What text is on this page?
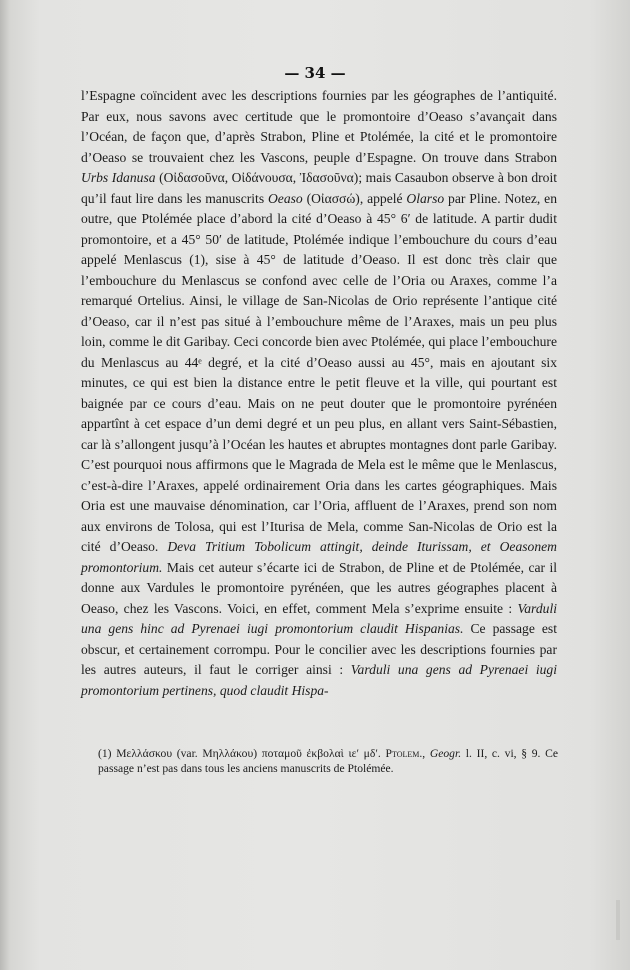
— 34 —

l’Espagne coïncident avec les descriptions fournies par les géographes de l’antiquité. Par eux, nous savons avec certitude que le promontoire d’Oeaso s’avançait dans l’Océan, de façon que, d’après Strabon, Pline et Ptolémée, la cité et le promontoire d’Oeaso se trouvaient chez les Vascons, peuple d’Espagne. On trouve dans Strabon Urbs Idanusa (Οἰδασοῦνα, Οἰδάνουσα, Ἰδασοῦνα); mais Casaubon observe à bon droit qu’il faut lire dans les manuscrits Oeaso (Οἰασσώ), appelé Olarso par Pline. Notez, en outre, que Ptolémée place d’abord la cité d’Oeaso à 45° 6′ de latitude. A partir dudit promontoire, et a 45° 50′ de latitude, Ptolémée indique l’embouchure du cours d’eau appelé Menlascus (1), sise à 45° de latitude d’Oeaso. Il est donc très clair que l’embouchure du Menlascus se confond avec celle de l’Oria ou Araxes, comme l’a remarqué Ortelius. Ainsi, le village de San-Nicolas de Orio représente l’antique cité d’Oeaso, car il n’est pas situé à l’embouchure même de l’Araxes, mais un peu plus loin, comme le dit Garibay. Ceci concorde bien avec Ptolémée, qui place l’embouchure du Menlascus au 44ᵉ degré, et la cité d’Oeaso aussi au 45°, mais en ajoutant six minutes, ce qui est bien la distance entre le petit fleuve et la ville, qui pourtant est baignée par ce cours d’eau. Mais on ne peut douter que le promontoire pyrénéen appartînt à cet espace d’un demi degré et un peu plus, en allant vers Saint-Sébastien, car là s’allongent jusqu’à l’Océan les hautes et abruptes montagnes dont parle Garibay. C’est pourquoi nous affirmons que le Magrada de Mela est le même que le Menlascus, c’est-à-dire l’Araxes, appelé ordinairement Oria dans les cartes géographiques. Mais Oria est une mauvaise dénomination, car l’Oria, affluent de l’Araxes, prend son nom aux environs de Tolosa, qui est l’Iturisa de Mela, comme San-Nicolas de Orio est la cité d’Oeaso. Deva Tritium Tobolicum attingit, deinde Iturissam, et Oeasonem promontorium. Mais cet auteur s’écarte ici de Strabon, de Pline et de Ptolémée, car il donne aux Vardules le promontoire pyrénéen, que les autres géographes placent à Oeaso, chez les Vascons. Voici, en effet, comment Mela s’exprime ensuite : Varduli una gens hinc ad Pyrenaei iugi promontorium claudit Hispanias. Ce passage est obscur, et certainement corrompu. Pour le concilier avec les descriptions fournies par les autres auteurs, il faut le corriger ainsi : Varduli una gens ad Pyrenaei iugi promontorium pertinens, quod claudit Hispa-

(1) Μελλάσκου (var. Μηλλάκου) ποταμοῦ ἐκβολαὶ ιε′ μδ′. Ptolem., Geogr. l. II, c. vi, § 9. Ce passage n’est pas dans tous les anciens manuscrits de Ptolémée.
